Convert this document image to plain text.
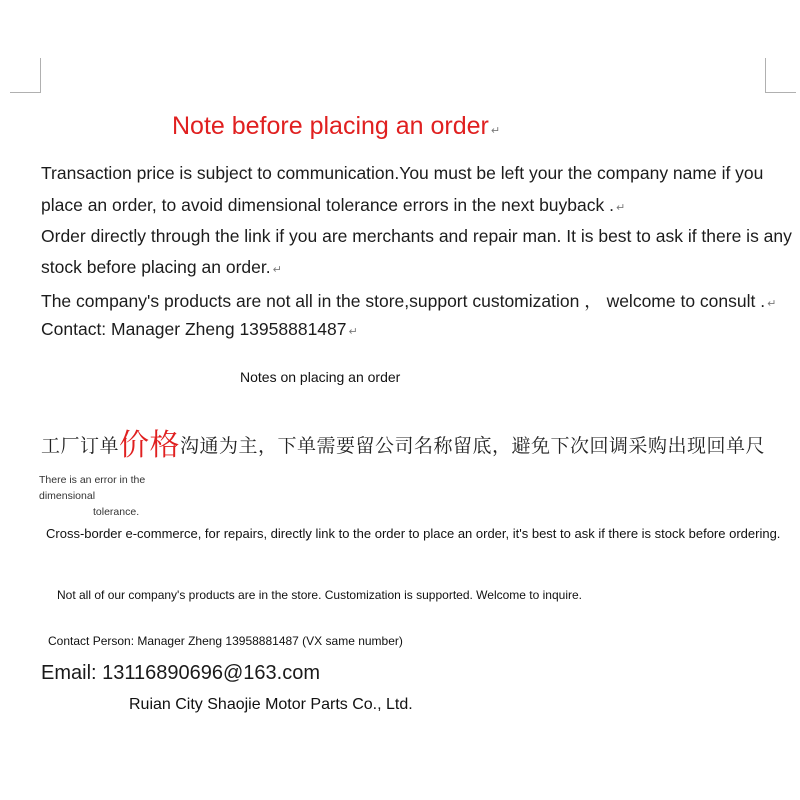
Note before placing an order ↵
Transaction price is subject to communication.You must be left your the company name if you
place an order, to avoid dimensional tolerance errors in the next buyback . ↵
Order directly through the link if you are merchants and repair man. It is best to ask if there is any
stock before placing an order. ↵
The company's products are not all in the store,support customization ， welcome to consult . ↵
Contact: Manager Zheng 13958881487 ↵
Notes on placing an order
工厂订单价格沟通为主，下单需要留公司名称留底，避免下次回调采购出现回单尺
There is an error in the dimensional
tolerance.
Cross-border e-commerce, for repairs, directly link to the order to place an order, it's best to ask if there is stock before ordering.
Not all of our company's products are in the store. Customization is supported. Welcome to inquire.
Contact Person: Manager Zheng 13958881487 (VX same number)
Email: 13116890696@163.com
Ruian City Shaojie Motor Parts Co., Ltd.
